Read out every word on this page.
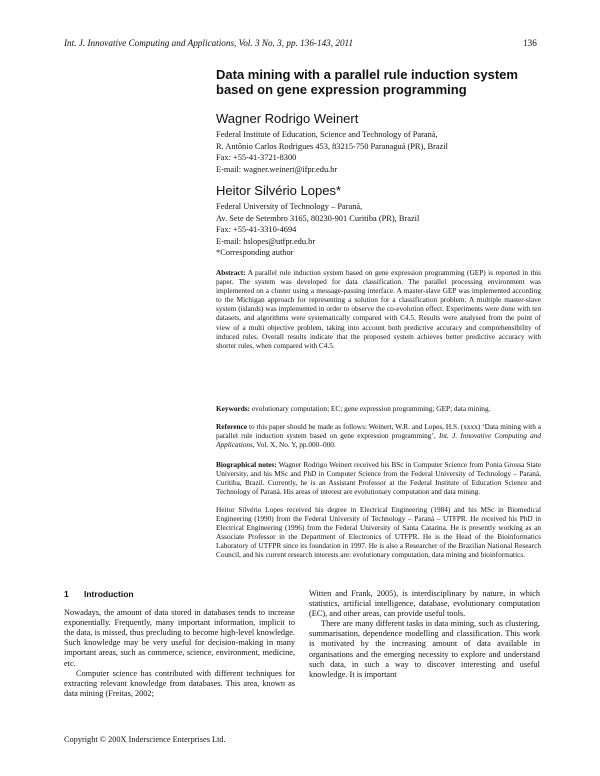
Int. J. Innovative Computing and Applications, Vol. 3 No. 3, pp. 136-143, 2011	136
Data mining with a parallel rule induction system based on gene expression programming
Wagner Rodrigo Weinert
Federal Institute of Education, Science and Technology of Paraná,
R. Antônio Carlos Rodrigues 453, 83215-750 Paranaguá (PR), Brazil
Fax: +55-41-3721-8300
E-mail: wagner.weinert@ifpr.edu.br
Heitor Silvério Lopes*
Federal University of Technology – Paraná,
Av. Sete de Setembro 3165, 80230-901 Curitiba (PR), Brazil
Fax: +55-41-3310-4694
E-mail: hslopes@utfpr.edu.br
*Corresponding author
Abstract: A parallel rule induction system based on gene expression programming (GEP) is reported in this paper. The system was developed for data classification. The parallel processing environment was implemented on a cluster using a message-passing interface. A master-slave GEP was implemented according to the Michigan approach for representing a solution for a classification problem. A multiple master-slave system (islands) was implemented in order to observe the co-evolution effect. Experiments were done with ten datasets, and algorithms were systematically compared with C4.5. Results were analysed from the point of view of a multi objective problem, taking into account both predictive accuracy and comprehensibility of induced rules. Overall results indicate that the proposed system achieves better predictive accuracy with shorter rules, when compared with C4.5.
Keywords: evolutionary computation; EC; gene expression programming; GEP; data mining.
Reference to this paper should be made as follows: Weinert, W.R. and Lopes, H.S. (xxxx) ‘Data mining with a parallel rule induction system based on gene expression programming’, Int. J. Innovative Computing and Applications, Vol. X, No. Y, pp.000–000.
Biographical notes: Wagner Rodrigo Weinert received his BSc in Computer Science from Ponta Grossa State University, and his MSc and PhD in Computer Science from the Federal University of Technology – Paraná, Curitiba, Brazil. Currently, he is an Assistant Professor at the Federal Institute of Education Science and Technology of Paraná. His areas of interest are evolutionary computation and data mining.
Heitor Silvério Lopes received his degree in Electrical Engineering (1984) and his MSc in Biomedical Engineering (1990) from the Federal University of Technology – Paraná – UTFPR. He received his PhD in Electrical Engineering (1996) from the Federal University of Santa Catarina. He is presently working as an Associate Professor in the Department of Electronics of UTFPR. He is the Head of the Bioinformatics Laboratory of UTFPR since its foundation in 1997. He is also a Researcher of the Brazilian National Research Council, and his current research interests are: evolutionary computation, data mining and bioinformatics.
1 Introduction

Nowadays, the amount of data stored in databases tends to increase exponentially. Frequently, many important information, implicit to the data, is missed, thus precluding to become high-level knowledge. Such knowledge may be very useful for decision-making in many important areas, such as commerce, science, environment, medicine, etc.

Computer science has contributed with different techniques for extracting relevant knowledge from databases. This area, known as data mining (Freitas, 2002;

Witten and Frank, 2005), is interdisciplinary by nature, in which statistics, artificial intelligence, database, evolutionary computation (EC), and other areas, can provide useful tools.

There are many different tasks in data mining, such as clustering, summarisation, dependence modelling and classification. This work is motivated by the increasing amount of data available in organisations and the emerging necessity to explore and understand such data, in such a way to discover interesting and useful knowledge. It is important

Copyright © 200X Inderscience Enterprises Ltd.
